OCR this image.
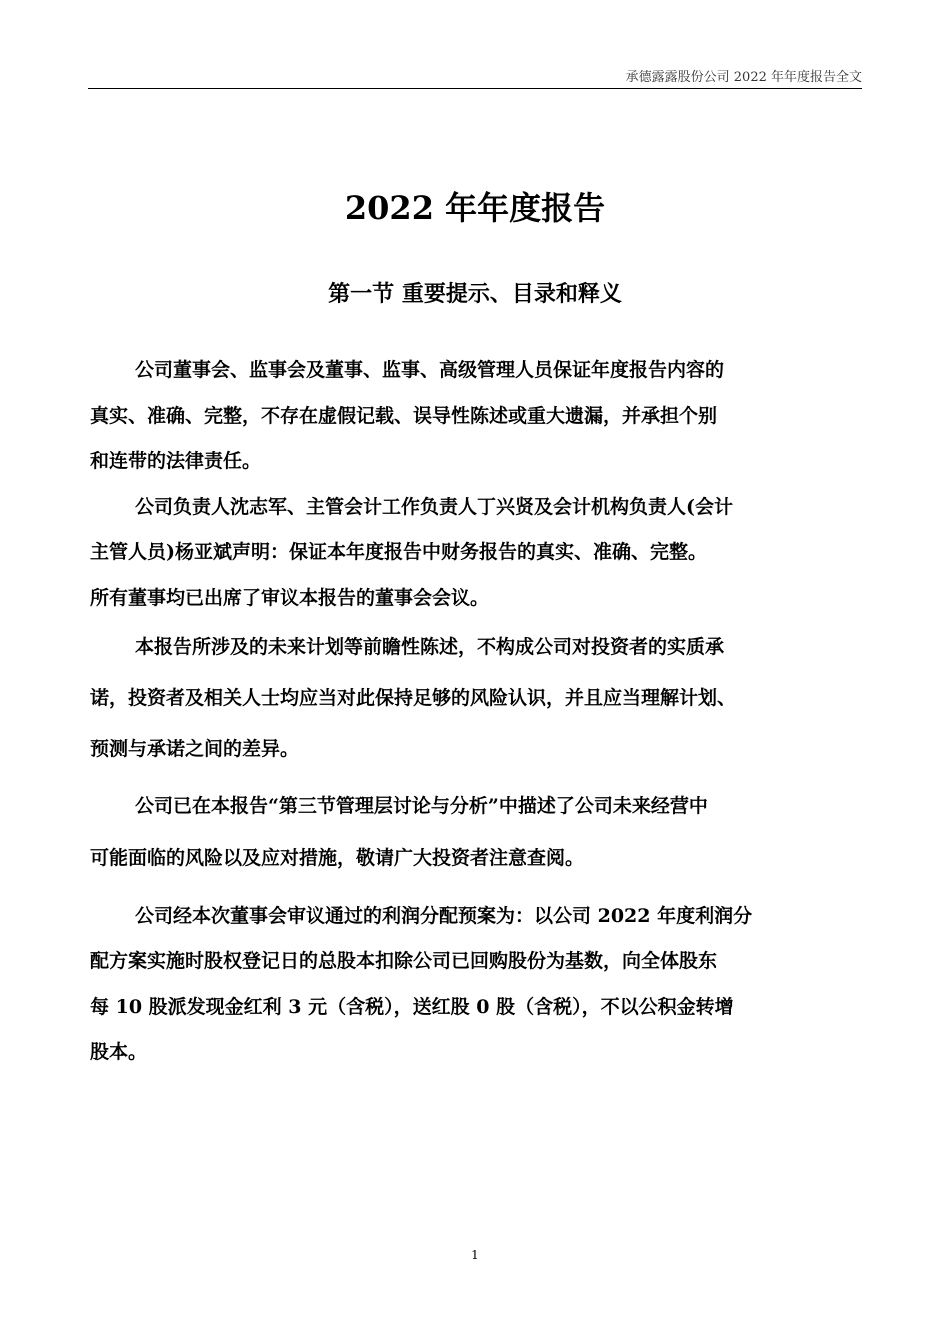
承德露露股份公司 2022 年年度报告全文
2022 年年度报告
第一节 重要提示、目录和释义
公司董事会、监事会及董事、监事、高级管理人员保证年度报告内容的
真实、准确、完整，不存在虚假记载、误导性陈述或重大遗漏，并承担个别
和连带的法律责任。
公司负责人沈志军、主管会计工作负责人丁兴贤及会计机构负责人(会计
主管人员)杨亚斌声明：保证本年度报告中财务报告的真实、准确、完整。
所有董事均已出席了审议本报告的董事会会议。
本报告所涉及的未来计划等前瞻性陈述，不构成公司对投资者的实质承
诺，投资者及相关人士均应当对此保持足够的风险认识，并且应当理解计划、
预测与承诺之间的差异。
公司已在本报告“第三节管理层讨论与分析”中描述了公司未来经营中
可能面临的风险以及应对措施，敬请广大投资者注意查阅。
公司经本次董事会审议通过的利润分配预案为：以公司 2022 年度利润分
配方案实施时股权登记日的总股本扣除公司已回购股份为基数，向全体股东
每 10 股派发现金红利 3 元（含税），送红股 0 股（含税），不以公积金转增
股本。
1
